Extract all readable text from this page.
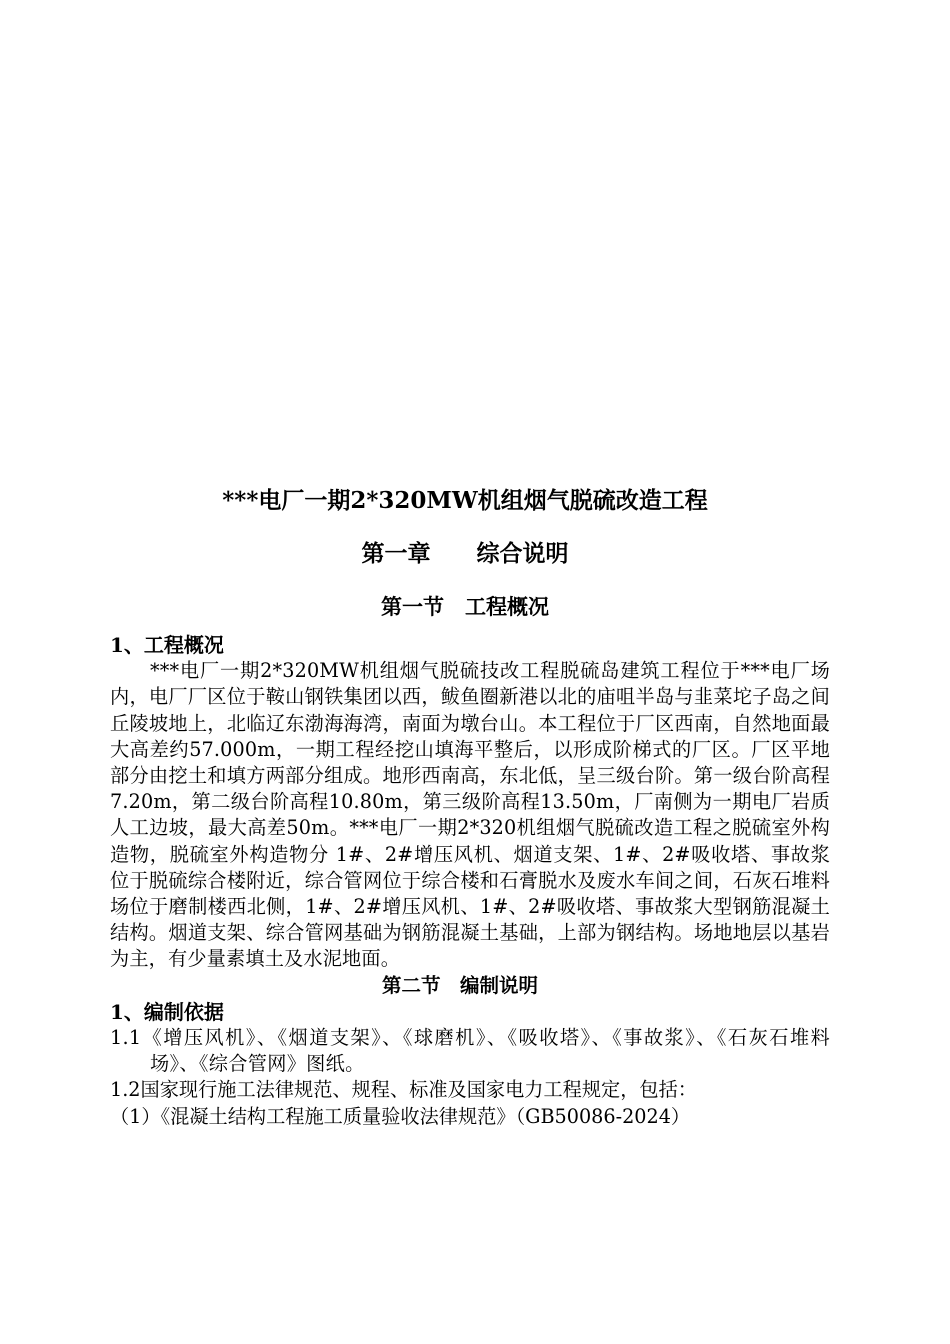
***电厂一期2*320MW机组烟气脱硫改造工程
第一章　　综合说明
第一节　工程概况
1、工程概况

***电厂一期2*320MW机组烟气脱硫技改工程脱硫岛建筑工程位于***电厂场内，电厂厂区位于鞍山钢铁集团以西，鲅鱼圈新港以北的庙咀半岛与韭菜坨子岛之间丘陵坡地上，北临辽东渤海海湾，南面为墩台山。本工程位于厂区西南，自然地面最大高差约57.000m，一期工程经挖山填海平整后，以形成阶梯式的厂区。厂区平地部分由挖土和填方两部分组成。地形西南高，东北低，呈三级台阶。第一级台阶高程7.20m，第二级台阶高程10.80m，第三级阶高程13.50m，厂南侧为一期电厂岩质人工边坡，最大高差50m。***电厂一期2*320机组烟气脱硫改造工程之脱硫室外构造物，脱硫室外构造物分 1#、2#增压风机、烟道支架、1#、2#吸收塔、事故浆位于脱硫综合楼附近，综合管网位于综合楼和石膏脱水及废水车间之间，石灰石堆料场位于磨制楼西北侧，1#、2#增压风机、1#、2#吸收塔、事故浆大型钢筋混凝土结构。烟道支架、综合管网基础为钢筋混凝土基础，上部为钢结构。场地地层以基岩为主，有少量素填土及水泥地面。

第二节　编制说明
1、编制依据

1.1《增压风机》、《烟道支架》、《球磨机》、《吸收塔》、《事故浆》、《石灰石堆料场》、《综合管网》图纸。

1.2国家现行施工法律规范、规程、标准及国家电力工程规定，包括：

（1）《混凝土结构工程施工质量验收法律规范》（GB50086-2024）
